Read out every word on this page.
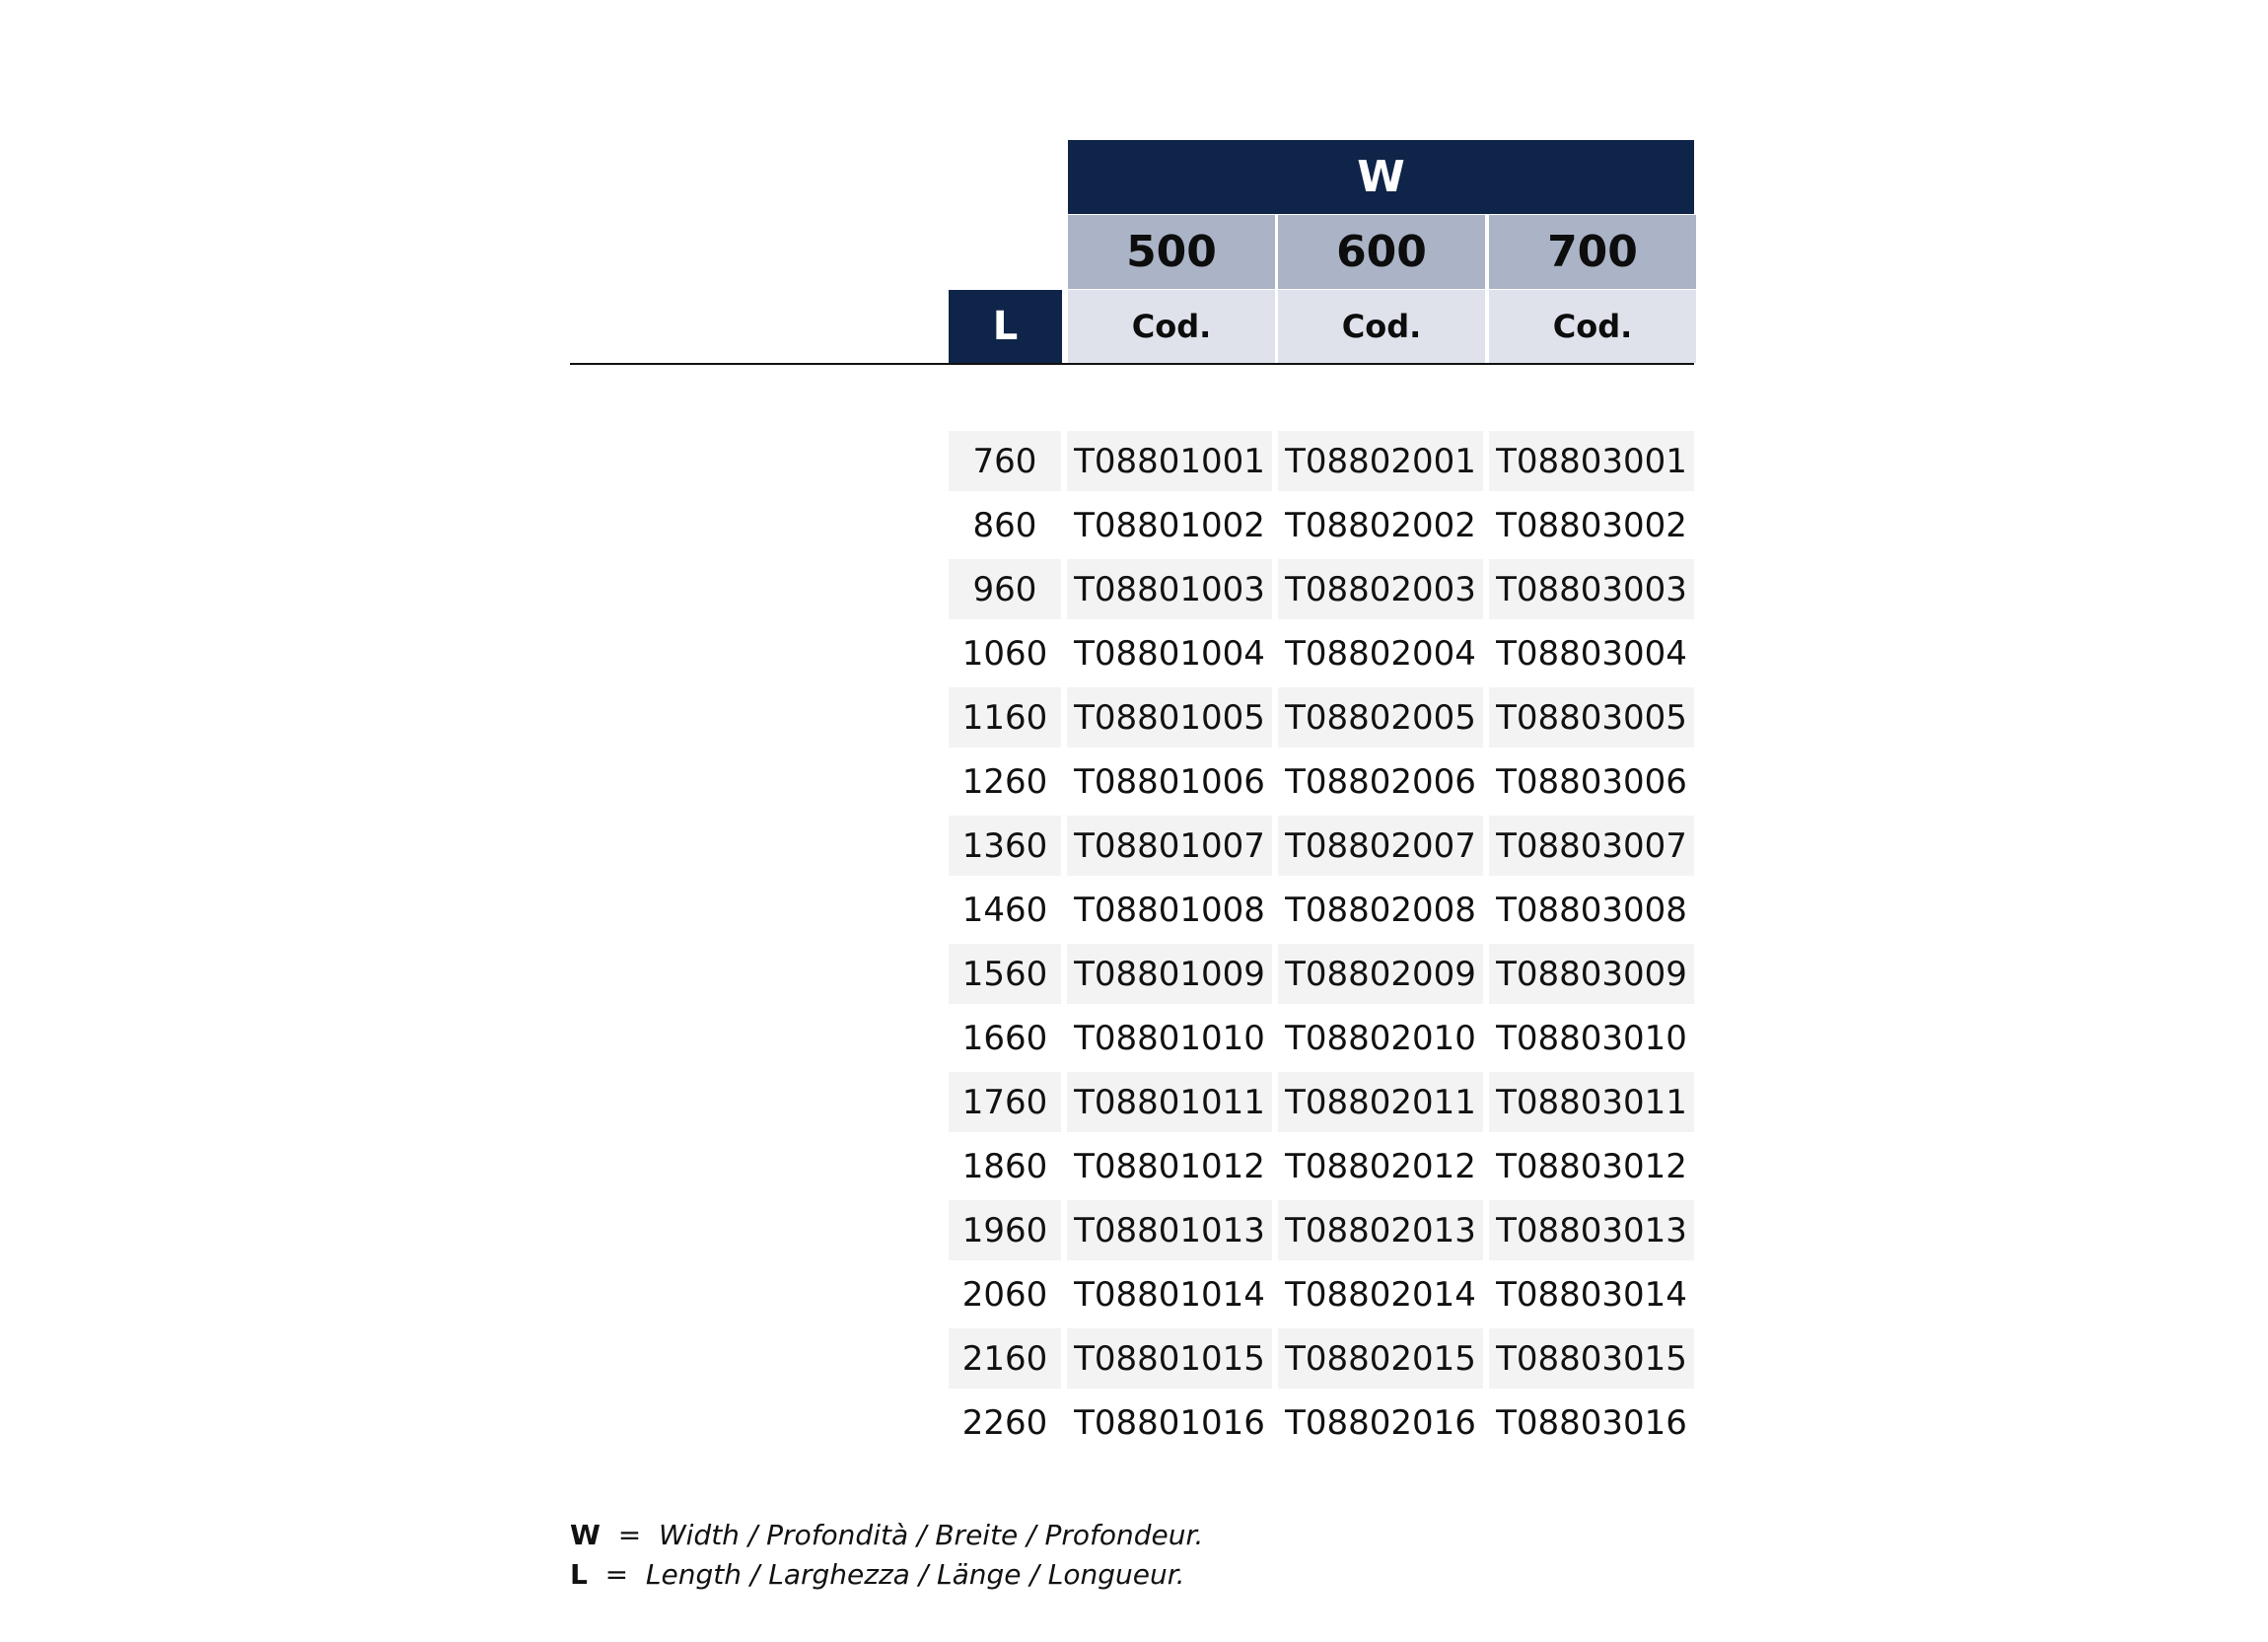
W
500	600	700
L	Cod.	Cod.	Cod.
760	T08801001 T08802001 T08803001
860	T08801002 T08802002 T08803002
960	T08801003 T08802003 T08803003
1060 T08801004 T08802004 T08803004
1160 T08801005 T08802005 T08803005
1260 T08801006 T08802006 T08803006
1360 T08801007 T08802007 T08803007
1460 T08801008 T08802008 T08803008
1560 T08801009 T08802009 T08803009
1660 T08801010 T08802010 T08803010
1760 T08801011 T08802011 T08803011
1860 T08801012 T08802012 T08803012
1960 T08801013 T08802013 T08803013
2060 T08801014 T08802014 T08803014
2160 T08801015 T08802015 T08803015
2260 T08801016 T08802016 T08803016
W  =  Width / Profondità / Breite / Profondeur.
L  =  Length / Larghezza / Länge / Longueur.
